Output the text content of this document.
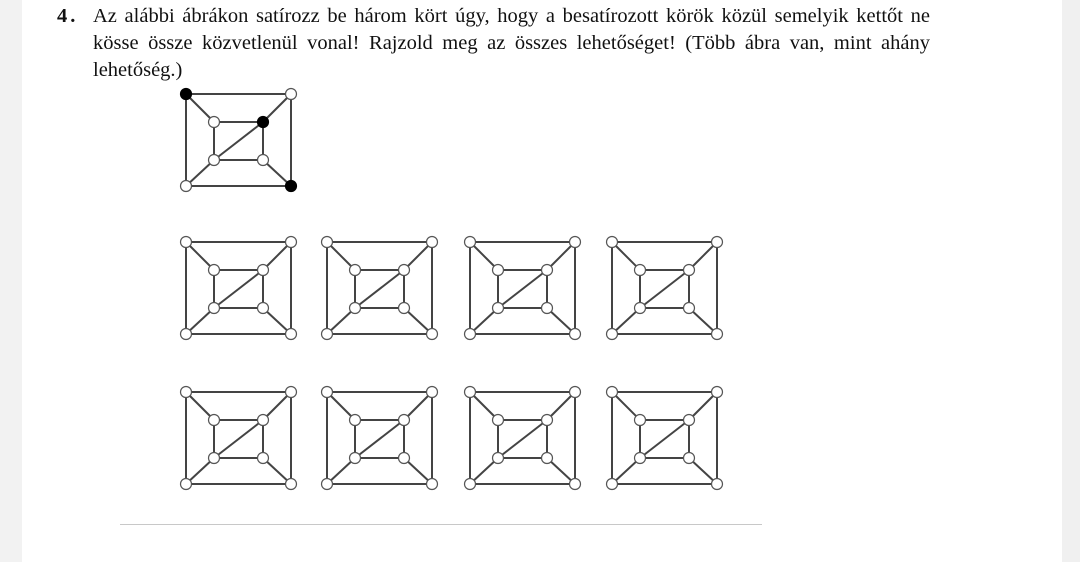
4. Az alábbi ábrákon satírozz be három kört úgy, hogy a besatírozott körök közül semelyik kettőt ne kösse össze közvetlenül vonal! Rajzold meg az összes lehetőséget! (Több ábra van, mint ahány lehetőség.)
